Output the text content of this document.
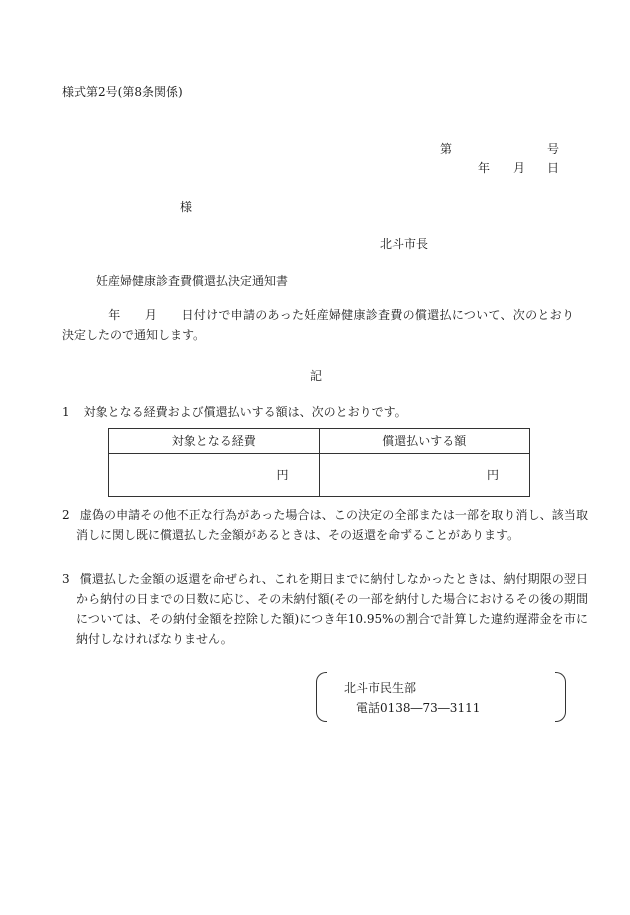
様式第2号(第8条関係)
第	号
年 月 日
様
北斗市長
妊産婦健康診査費償還払決定通知書
年 月 日付けで申請のあった妊産婦健康診査費の償還払について、次のとおり決定したので通知します。
記
1 対象となる経費および償還払いする額は、次のとおりです。
対象となる経費	償還払いする額
円	円
2 虚偽の申請その他不正な行為があった場合は、この決定の全部または一部を取り消し、該当取消しに関し既に償還払した金額があるときは、その返還を命ずることがあります。
3 償還払した金額の返還を命ぜられ、これを期日までに納付しなかったときは、納付期限の翌日から納付の日までの日数に応じ、その未納付額(その一部を納付した場合におけるその後の期間については、その納付金額を控除した額)につき年10.95%の割合で計算した違約遅滞金を市に納付しなければなりません。
北斗市民生部
電話0138―73―3111
